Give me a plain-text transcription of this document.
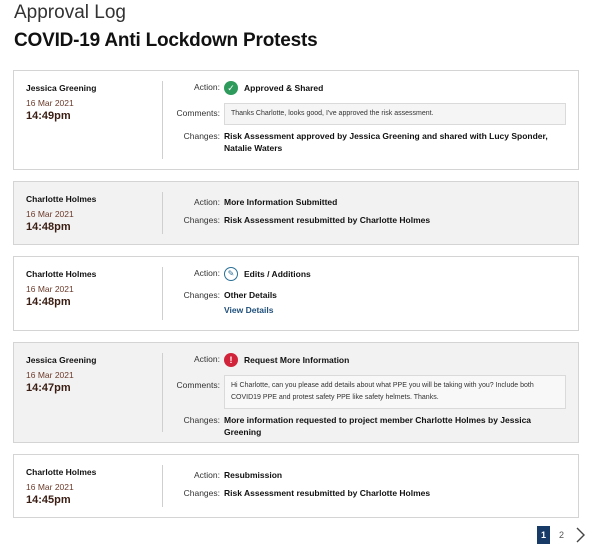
Approval Log
COVID-19 Anti Lockdown Protests
Jessica Greening
16 Mar 2021
14:49pm
Action: ✓	Approved & Shared
Comments:	Thanks Charlotte, looks good, I've approved the risk assessment.
Changes: Risk Assessment approved by Jessica Greening and shared with Lucy Sponder, Natalie Waters
Charlotte Holmes
16 Mar 2021
14:48pm
Action: More Information Submitted
Changes: Risk Assessment resubmitted by Charlotte Holmes
Charlotte Holmes
16 Mar 2021
14:48pm
Action: ✎	Edits / Additions
Changes: Other Details
View Details
Jessica Greening
16 Mar 2021
14:47pm
Action:	!	Request More Information
Comments:	Hi Charlotte, can you please add details about what PPE you will be taking with you? Include both COVID19 PPE and protest safety PPE like safety helmets. Thanks.
Changes: More information requested to project member Charlotte Holmes by Jessica Greening
Charlotte Holmes
16 Mar 2021
14:45pm
Action: Resubmission
Changes: Risk Assessment resubmitted by Charlotte Holmes
1	2
